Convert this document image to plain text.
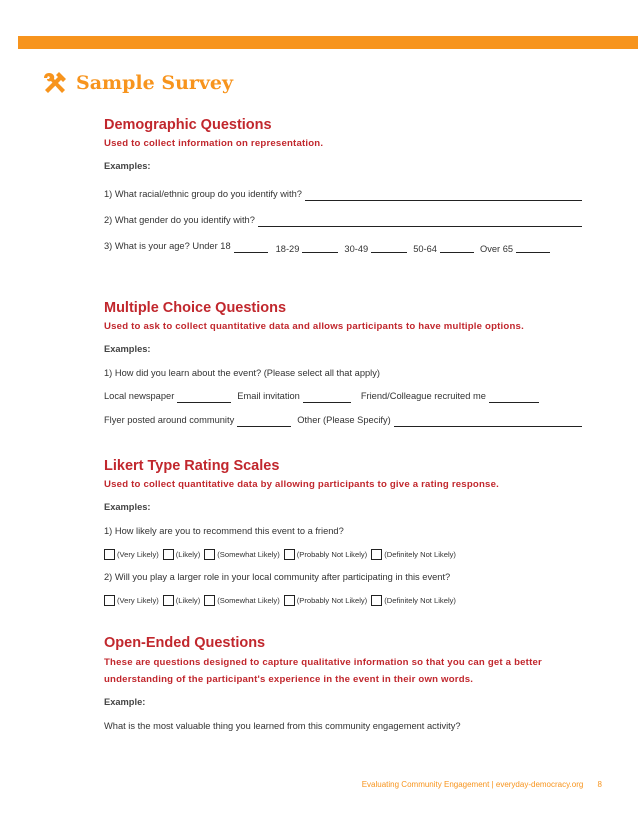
Sample Survey
Demographic Questions
Used to collect information on representation.
Examples:
1) What racial/ethnic group do you identify with?
2) What gender do you identify with?
3) What is your age?
Under 18	18-29	30-49	50-64	Over 65
Multiple Choice Questions
Used to ask to collect quantitative data and allows participants to have multiple options.
Examples:
1) How did you learn about the event? (Please select all that apply)
Local newspaper	Email invitation	Friend/Colleague recruited me
Flyer posted around community	Other (Please Specify)
Likert Type Rating Scales
Used to collect quantitative data by allowing participants to give a rating response.
Examples:
1) How likely are you to recommend this event to a friend?
(Very Likely) (Likely) (Somewhat Likely) (Probably Not Likely) (Definitely Not Likely)
2) Will you play a larger role in your local community after participating in this event?
(Very Likely) (Likely) (Somewhat Likely) (Probably Not Likely) (Definitely Not Likely)
Open-Ended Questions
These are questions designed to capture qualitative information so that you can get a better
understanding of the participant's experience in the event in their own words.
Example:
What is the most valuable thing you learned from this community engagement activity?
Evaluating Community Engagement | everyday-democracy.org 8
